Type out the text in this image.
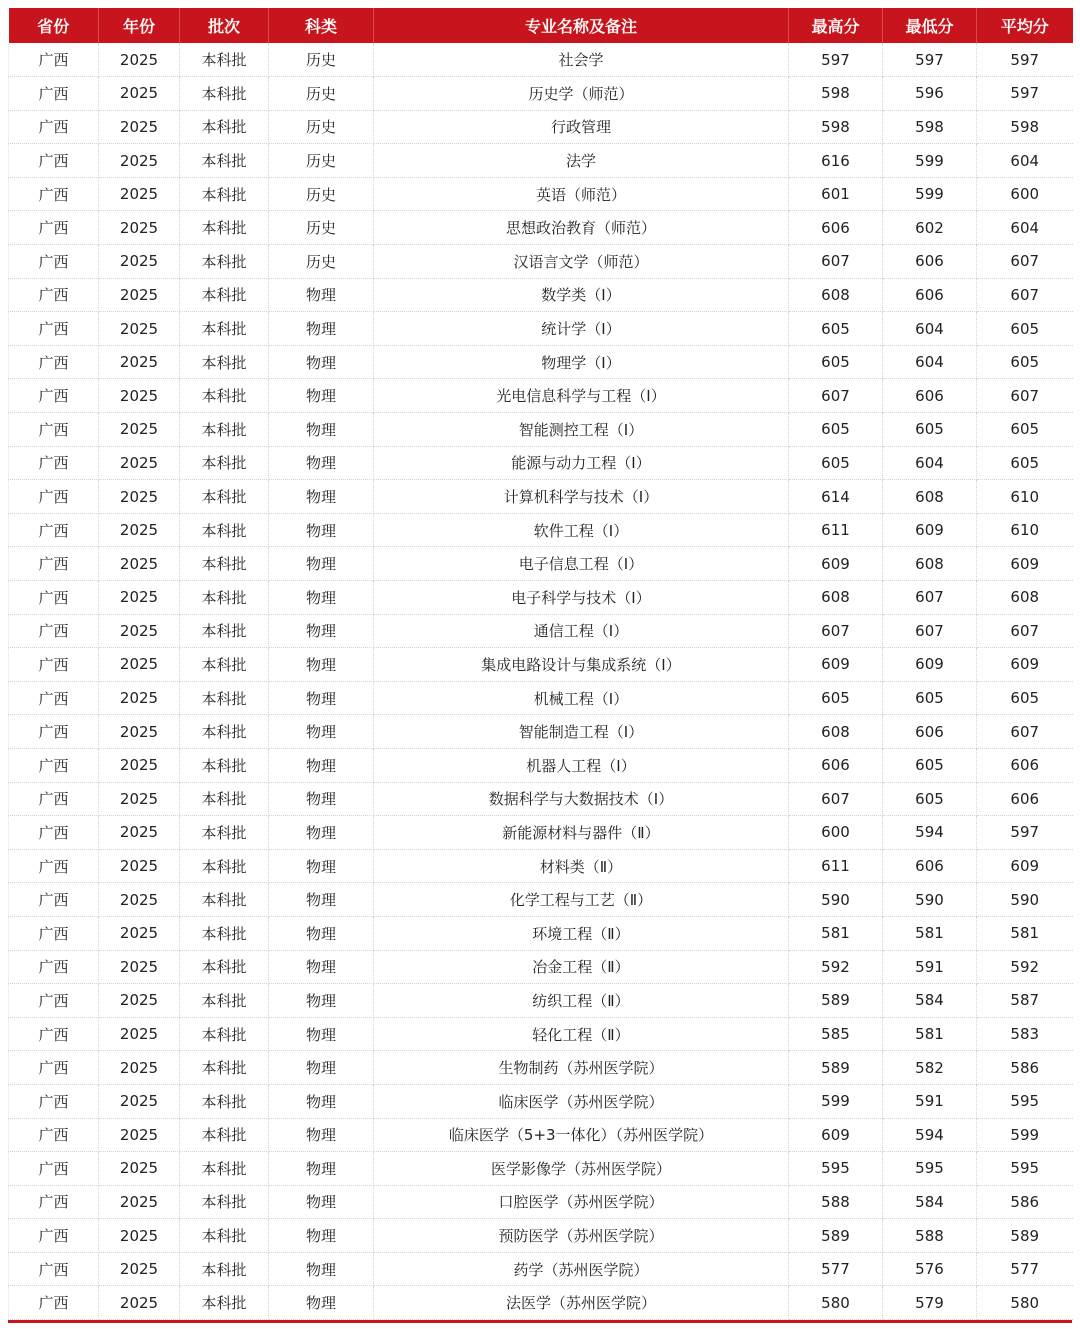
省份	年份	批次	科类	专业名称及备注	最高分	最低分	平均分
广西	2025	本科批	历史	社会学	597	597	597
广西	2025	本科批	历史	历史学（师范）	598	596	597
广西	2025	本科批	历史	行政管理	598	598	598
广西	2025	本科批	历史	法学	616	599	604
广西	2025	本科批	历史	英语（师范）	601	599	600
广西	2025	本科批	历史	思想政治教育（师范）	606	602	604
广西	2025	本科批	历史	汉语言文学（师范）	607	606	607
广西	2025	本科批	物理	数学类（Ⅰ）	608	606	607
广西	2025	本科批	物理	统计学（Ⅰ）	605	604	605
广西	2025	本科批	物理	物理学（Ⅰ）	605	604	605
广西	2025	本科批	物理	光电信息科学与工程（Ⅰ）	607	606	607
广西	2025	本科批	物理	智能测控工程（Ⅰ）	605	605	605
广西	2025	本科批	物理	能源与动力工程（Ⅰ）	605	604	605
广西	2025	本科批	物理	计算机科学与技术（Ⅰ）	614	608	610
广西	2025	本科批	物理	软件工程（Ⅰ）	611	609	610
广西	2025	本科批	物理	电子信息工程（Ⅰ）	609	608	609
广西	2025	本科批	物理	电子科学与技术（Ⅰ）	608	607	608
广西	2025	本科批	物理	通信工程（Ⅰ）	607	607	607
广西	2025	本科批	物理	集成电路设计与集成系统（Ⅰ）	609	609	609
广西	2025	本科批	物理	机械工程（Ⅰ）	605	605	605
广西	2025	本科批	物理	智能制造工程（Ⅰ）	608	606	607
广西	2025	本科批	物理	机器人工程（Ⅰ）	606	605	606
广西	2025	本科批	物理	数据科学与大数据技术（Ⅰ）	607	605	606
广西	2025	本科批	物理	新能源材料与器件（Ⅱ）	600	594	597
广西	2025	本科批	物理	材料类（Ⅱ）	611	606	609
广西	2025	本科批	物理	化学工程与工艺（Ⅱ）	590	590	590
广西	2025	本科批	物理	环境工程（Ⅱ）	581	581	581
广西	2025	本科批	物理	冶金工程（Ⅱ）	592	591	592
广西	2025	本科批	物理	纺织工程（Ⅱ）	589	584	587
广西	2025	本科批	物理	轻化工程（Ⅱ）	585	581	583
广西	2025	本科批	物理	生物制药（苏州医学院）	589	582	586
广西	2025	本科批	物理	临床医学（苏州医学院）	599	591	595
广西	2025	本科批	物理	临床医学（5+3一体化）（苏州医学院）	609	594	599
广西	2025	本科批	物理	医学影像学（苏州医学院）	595	595	595
广西	2025	本科批	物理	口腔医学（苏州医学院）	588	584	586
广西	2025	本科批	物理	预防医学（苏州医学院）	589	588	589
广西	2025	本科批	物理	药学（苏州医学院）	577	576	577
广西	2025	本科批	物理	法医学（苏州医学院）	580	579	580
